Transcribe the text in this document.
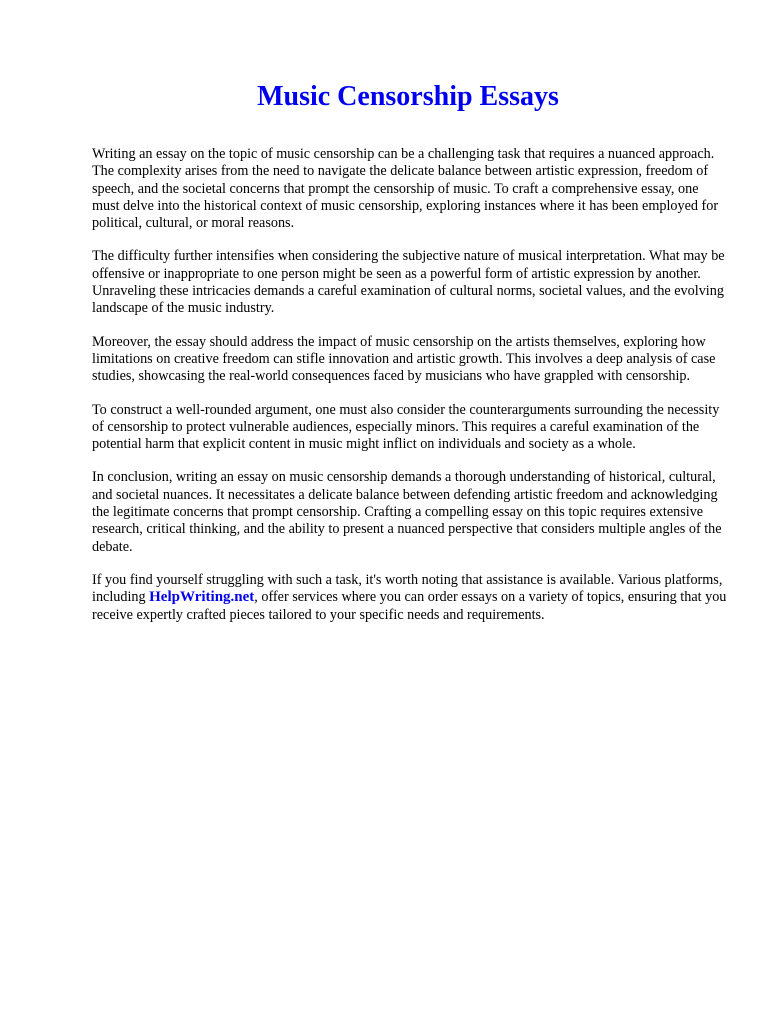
Music Censorship Essays

Writing an essay on the topic of music censorship can be a challenging task that requires a nuanced approach. The complexity arises from the need to navigate the delicate balance between artistic expression, freedom of speech, and the societal concerns that prompt the censorship of music. To craft a comprehensive essay, one must delve into the historical context of music censorship, exploring instances where it has been employed for political, cultural, or moral reasons.

The difficulty further intensifies when considering the subjective nature of musical interpretation. What may be offensive or inappropriate to one person might be seen as a powerful form of artistic expression by another. Unraveling these intricacies demands a careful examination of cultural norms, societal values, and the evolving landscape of the music industry.

Moreover, the essay should address the impact of music censorship on the artists themselves, exploring how limitations on creative freedom can stifle innovation and artistic growth. This involves a deep analysis of case studies, showcasing the real-world consequences faced by musicians who have grappled with censorship.

To construct a well-rounded argument, one must also consider the counterarguments surrounding the necessity of censorship to protect vulnerable audiences, especially minors. This requires a careful examination of the potential harm that explicit content in music might inflict on individuals and society as a whole.

In conclusion, writing an essay on music censorship demands a thorough understanding of historical, cultural, and societal nuances. It necessitates a delicate balance between defending artistic freedom and acknowledging the legitimate concerns that prompt censorship. Crafting a compelling essay on this topic requires extensive research, critical thinking, and the ability to present a nuanced perspective that considers multiple angles of the debate.

If you find yourself struggling with such a task, it's worth noting that assistance is available. Various platforms, including HelpWriting.net, offer services where you can order essays on a variety of topics, ensuring that you receive expertly crafted pieces tailored to your specific needs and requirements.
